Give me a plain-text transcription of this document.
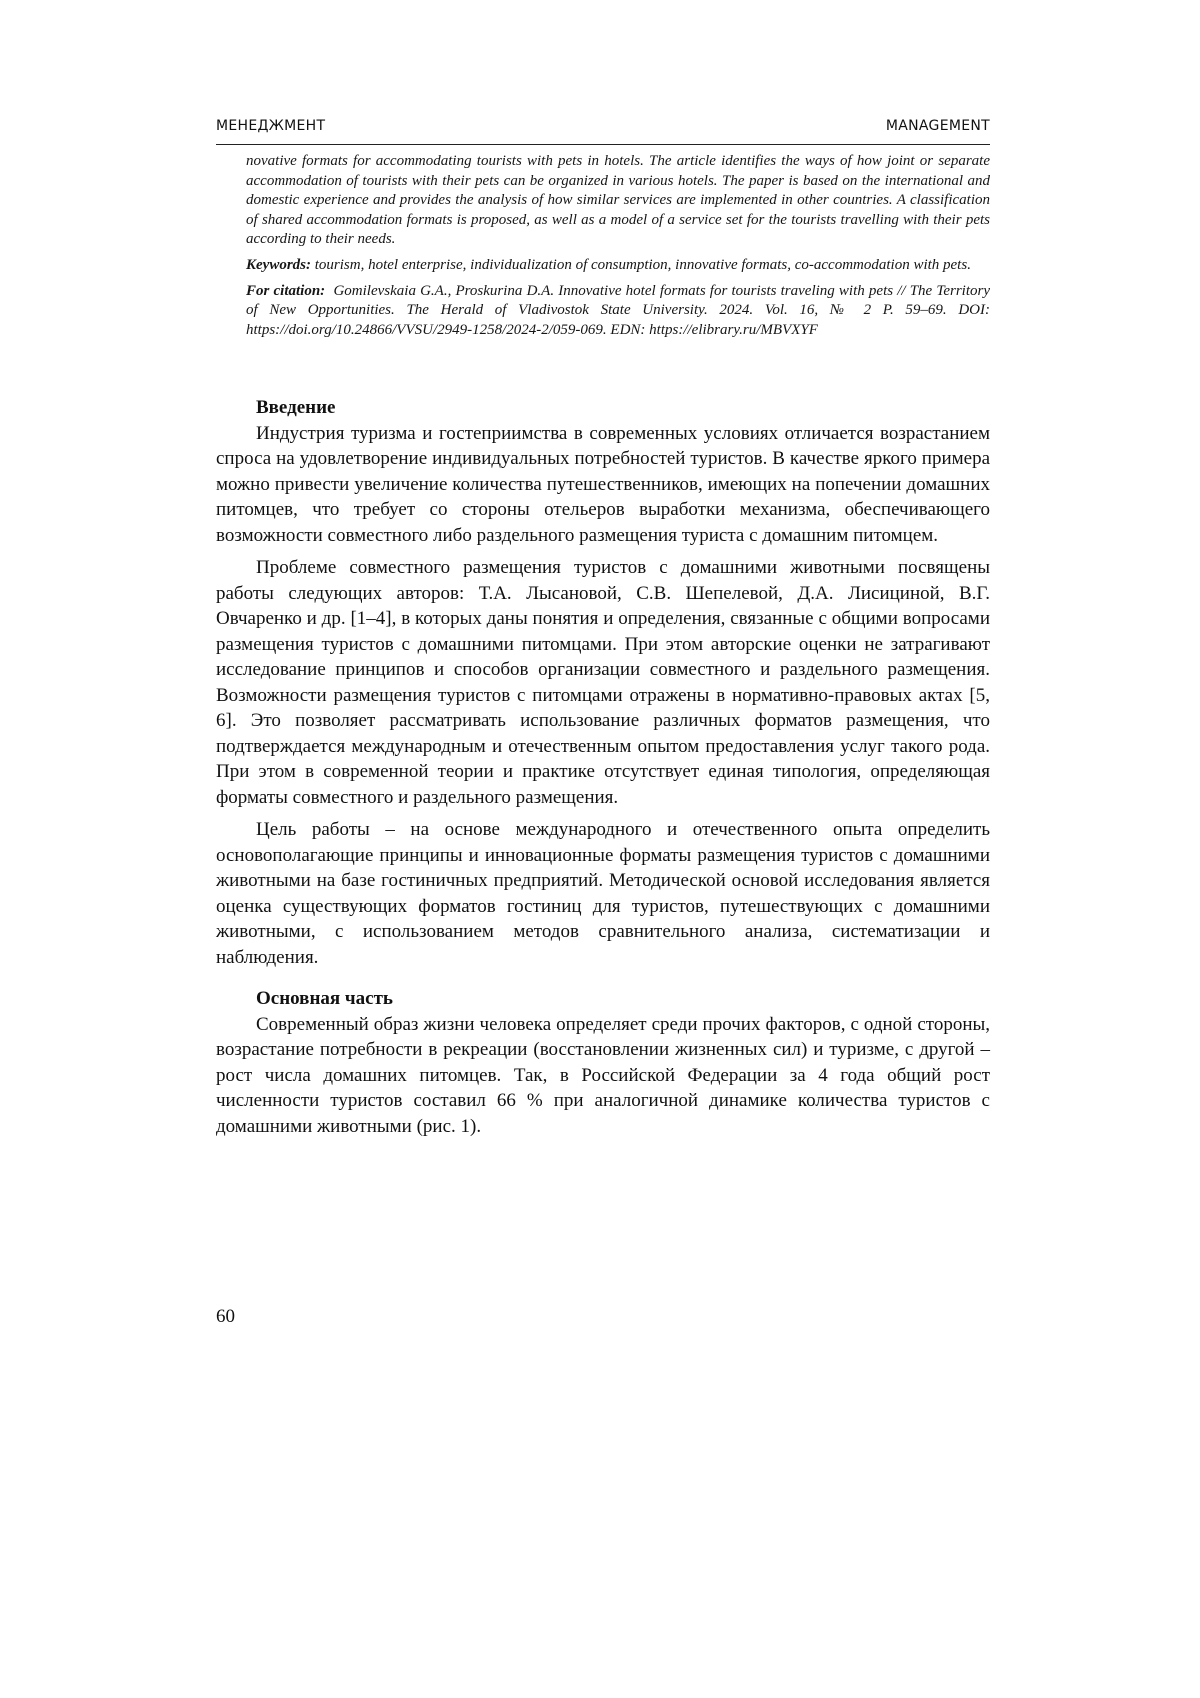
МЕНЕДЖМЕНТ	MANAGEMENT

novative formats for accommodating tourists with pets in hotels. The article identifies the ways of how joint or separate accommodation of tourists with their pets can be organized in various hotels. The paper is based on the international and domestic experience and provides the analysis of how similar services are implemented in other countries. A classification of shared accommodation formats is proposed, as well as a model of a service set for the tourists travelling with their pets according to their needs.

Keywords: tourism, hotel enterprise, individualization of consumption, innovative formats, co-accommodation with pets.

For citation: Gomilevskaia G.A., Proskurina D.A. Innovative hotel formats for tourists traveling with pets // The Territory of New Opportunities. The Herald of Vladivostok State University. 2024. Vol. 16, № 2 P. 59–69. DOI: https://doi.org/10.24866/VVSU/2949-1258/2024-2/059-069. EDN: https://elibrary.ru/MBVXYF

Введение

Индустрия туризма и гостеприимства в современных условиях отличается возрастанием спроса на удовлетворение индивидуальных потребностей туристов. В качестве яркого примера можно привести увеличение количества путешественников, имеющих на попечении домашних питомцев, что требует со стороны отельеров выработки механизма, обеспечивающего возможности совместного либо раздельного размещения туриста с домашним питомцем.

Проблеме совместного размещения туристов с домашними животными посвящены работы следующих авторов: Т.А. Лысановой, С.В. Шепелевой, Д.А. Лисициной, В.Г. Овчаренко и др. [1–4], в которых даны понятия и определения, связанные с общими вопросами размещения туристов с домашними питомцами. При этом авторские оценки не затрагивают исследование принципов и способов организации совместного и раздельного размещения. Возможности размещения туристов с питомцами отражены в нормативно-правовых актах [5, 6]. Это позволяет рассматривать использование различных форматов размещения, что подтверждается международным и отечественным опытом предоставления услуг такого рода. При этом в современной теории и практике отсутствует единая типология, определяющая форматы совместного и раздельного размещения.

Цель работы – на основе международного и отечественного опыта определить основополагающие принципы и инновационные форматы размещения туристов с домашними животными на базе гостиничных предприятий. Методической основой исследования является оценка существующих форматов гостиниц для туристов, путешествующих с домашними животными, с использованием методов сравнительного анализа, систематизации и наблюдения.

Основная часть

Современный образ жизни человека определяет среди прочих факторов, с одной стороны, возрастание потребности в рекреации (восстановлении жизненных сил) и туризме, с другой – рост числа домашних питомцев. Так, в Российской Федерации за 4 года общий рост численности туристов составил 66 % при аналогичной динамике количества туристов с домашними животными (рис. 1).

60
